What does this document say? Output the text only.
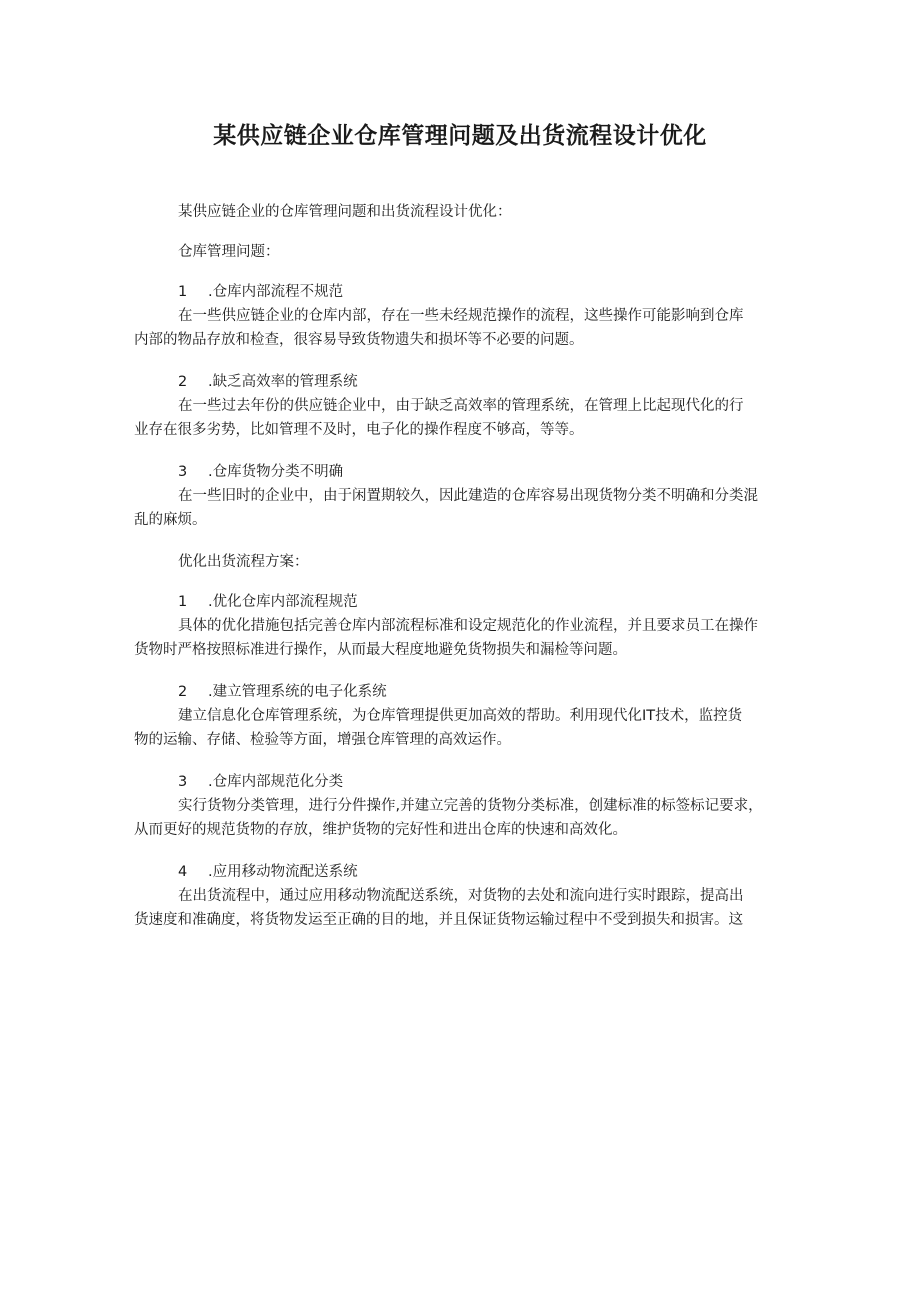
某供应链企业仓库管理问题及出货流程设计优化

某供应链企业的仓库管理问题和出货流程设计优化：

仓库管理问题：

1 .仓库内部流程不规范

在一些供应链企业的仓库内部，存在一些未经规范操作的流程，这些操作可能影响到仓库

内部的物品存放和检查，很容易导致货物遗失和损坏等不必要的问题。

2 .缺乏高效率的管理系统

在一些过去年份的供应链企业中，由于缺乏高效率的管理系统，在管理上比起现代化的行

业存在很多劣势，比如管理不及时，电子化的操作程度不够高，等等。

3 .仓库货物分类不明确

在一些旧时的企业中，由于闲置期较久，因此建造的仓库容易出现货物分类不明确和分类混

乱的麻烦。

优化出货流程方案：

1 .优化仓库内部流程规范

具体的优化措施包括完善仓库内部流程标准和设定规范化的作业流程，并且要求员工在操作

货物时严格按照标准进行操作，从而最大程度地避免货物损失和漏检等问题。

2 .建立管理系统的电子化系统

建立信息化仓库管理系统，为仓库管理提供更加高效的帮助。利用现代化IT技术，监控货

物的运输、存储、检验等方面，增强仓库管理的高效运作。

3 .仓库内部规范化分类

实行货物分类管理，进行分件操作,并建立完善的货物分类标准，创建标准的标签标记要求，

从而更好的规范货物的存放，维护货物的完好性和进出仓库的快速和高效化。

4 .应用移动物流配送系统

在出货流程中，通过应用移动物流配送系统，对货物的去处和流向进行实时跟踪，提高出

货速度和准确度，将货物发运至正确的目的地，并且保证货物运输过程中不受到损失和损害。这
